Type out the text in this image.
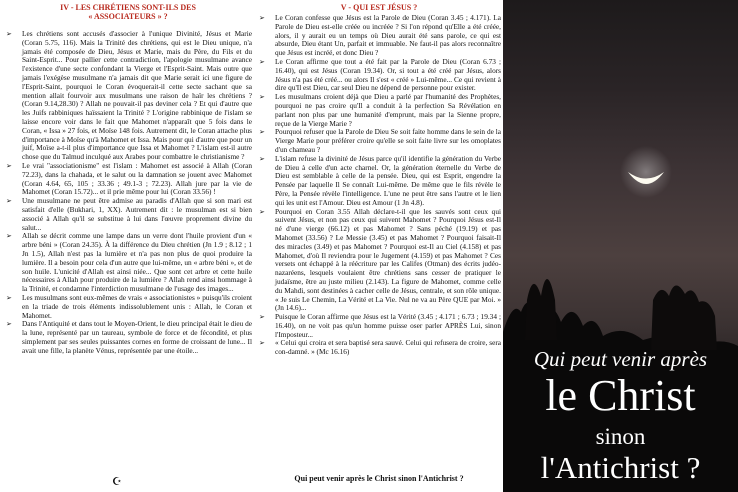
IV - LES CHRÉTIENS SONT-ILS DES
« ASSOCIATEURS » ?
➢ Les chrétiens sont accusés d'associer à l'unique Divinité, Jésus et Marie (Coran 5.75, 116). Mais la Trinité des chrétiens, qui est le Dieu unique, n'a jamais été composée de Dieu, Jésus et Marie, mais du Père, du Fils et du Saint-Esprit... Pour pallier cette contradiction, l'apologie musulmane avance l'existence d'une secte confondant la Vierge et l'Esprit-Saint. Mais outre que jamais l'exégèse musulmane n'a jamais dit que Marie serait ici une figure de l'Esprit-Saint, pourquoi le Coran évoquerait-il cette secte sachant que sa mention allait fourvoir aux musulmans une raison de haïr les chrétiens ? (Coran 9.14,28.30) ? Allah ne pouvait-il pas deviner cela ? Et qui d'autre que les Juifs rabbiniques haïssaient la Trinité ? L'origine rabbinique de l'islam se laisse encore voir dans le fait que Mahomet n'apparaît que 5 fois dans le Coran, « Issa » 27 fois, et Moïse 148 fois. Autrement dit, le Coran attache plus d'importance à Moïse qu'à Mahomet et Issa. Mais pour qui d'autre que pour un juif, Moïse a-t-il plus d'importance que Issa et Mahomet ? L'islam est-il autre chose que du Talmud inculqué aux Arabes pour combattre le christianisme ?
➢ Le vrai "associationisme" est l'islam : Mahomet est associé à Allah (Coran 72.23), dans la chahada, et le salut ou la damnation se jouent avec Mahomet (Coran 4.64, 65, 105 ; 33.36 ; 49.1-3 ; 72.23). Allah jure par la vie de Mahomet (Coran 15.72)... et il prie même pour lui (Coran 33.56) !
➢ Une musulmane ne peut être admise au paradis d'Allah que si son mari est satisfait d'elle (Bukhari, 1, XX). Autrement dit : le musulman est si bien associé à Allah qu'il se substitue à lui dans l'œuvre proprement divine du salut...
➢ Allah se décrit comme une lampe dans un verre dont l'huile provient d'un « arbre béni » (Coran 24.35). À la différence du Dieu chrétien (Jn 1.9 ; 8.12 ; 1 Jn 1.5), Allah n'est pas la lumière et n'a pas non plus de quoi produire la lumière. Il a besoin pour cela d'un autre que lui-même, un « arbre béni », et de son huile. L'unicité d'Allah est ainsi niée... Que sont cet arbre et cette huile nécessaires à Allah pour produire de la lumière ? Allah rend ainsi hommage à la Trinité, et condamne l'interdiction musulmane de l'usage des images...
➢ Les musulmans sont eux-mêmes de vrais « associationistes » puisqu'ils croient en la triade de trois éléments indissolublement unis : Allah, le Coran et Mahomet.
➢ Dans l'Antiquité et dans tout le Moyen-Orient, le dieu principal était le dieu de la lune, représenté par un taureau, symbole de force et de fécondité, et plus simplement par ses seules puissantes cornes en forme de croissant de lune... Il avait une fille, la planète Vénus, représentée par une étoile...
☪
V - QUI EST JÉSUS ?
➢ Le Coran confesse que Jésus est la Parole de Dieu (Coran 3.45 ; 4.171). La Parole de Dieu est-elle créée ou incréée ? Si l'on répond qu'Elle a été créée, alors, il y aurait eu un temps où Dieu aurait été sans parole, ce qui est absurde, Dieu étant Un, parfait et immuable. Ne faut-il pas alors reconnaître que Jésus est incréé, et donc Dieu ?
➢ Le Coran affirme que tout a été fait par la Parole de Dieu (Coran 6.73 ; 16.40), qui est Jésus (Coran 19.34). Or, si tout a été créé par Jésus, alors Jésus n'a pas été créé... ou alors Il s'est « créé » Lui-même... Ce qui revient à dire qu'Il est Dieu, car seul Dieu ne dépend de personne pour exister.
➢ Les musulmans croient déjà que Dieu a parlé par l'humanité des Prophètes, pourquoi ne pas croire qu'Il a conduit à la perfection Sa Révélation en parlant non plus par une humanité d'emprunt, mais par la Sienne propre, reçue de la Vierge Marie ?
➢ Pourquoi refuser que la Parole de Dieu Se soit faite homme dans le sein de la Vierge Marie pour préférer croire qu'elle se soit faite livre sur les omoplates d'un chameau ?
➢ L'islam refuse la divinité de Jésus parce qu'il identifie la génération du Verbe de Dieu à celle d'un acte charnel. Or, la génération éternelle du Verbe de Dieu est semblable à celle de la pensée. Dieu, qui est Esprit, engendre la Pensée par laquelle Il Se connaît Lui-même. De même que le fils révèle le Père, la Pensée révèle l'intelligence. L'une ne peut être sans l'autre et le lien qui les unit est l'Amour. Dieu est Amour (1 Jn 4.8).
➢ Pourquoi en Coran 3.55 Allah déclare-t-il que les sauvés sont ceux qui suivent Jésus, et non pas ceux qui suivent Mahomet ? Pourquoi Jésus est-Il né d'une vierge (66.12) et pas Mahomet ? Sans péché (19.19) et pas Mahomet (33.56) ? Le Messie (3.45) et pas Mahomet ? Pourquoi faisait-Il des miracles (3.49) et pas Mahomet ? Pourquoi est-Il au Ciel (4.158) et pas Mahomet, d'où Il reviendra pour le Jugement (4.159) et pas Mahomet ? Ces versets ont échappé à la réécriture par les Califes (Otman) des écrits judéo-nazaréens, lesquels voulaient être chrétiens sans cesser de pratiquer le judaïsme, être au juste milieu (2.143). La figure de Mahomet, comme celle du Mahdi, sont destinées à cacher celle de Jésus, centrale, et son rôle unique. « Je suis Le Chemin, La Vérité et La Vie. Nul ne va au Père QUE par Moi. » (Jn 14.6)...
➢ Puisque le Coran affirme que Jésus est la Vérité (3.45 ; 4.171 ; 6.73 ; 19.34 ; 16.40), on ne voit pas qu'un homme puisse oser parler APRÈS Lui, sinon l'Imposteur...
➢ « Celui qui croira et sera baptisé sera sauvé. Celui qui refusera de croire, sera con-damné. » (Mc 16.16)
Qui peut venir après le Christ sinon l'Antichrist ?
Qui peut venir après
le Christ
sinon
l'Antichrist ?
